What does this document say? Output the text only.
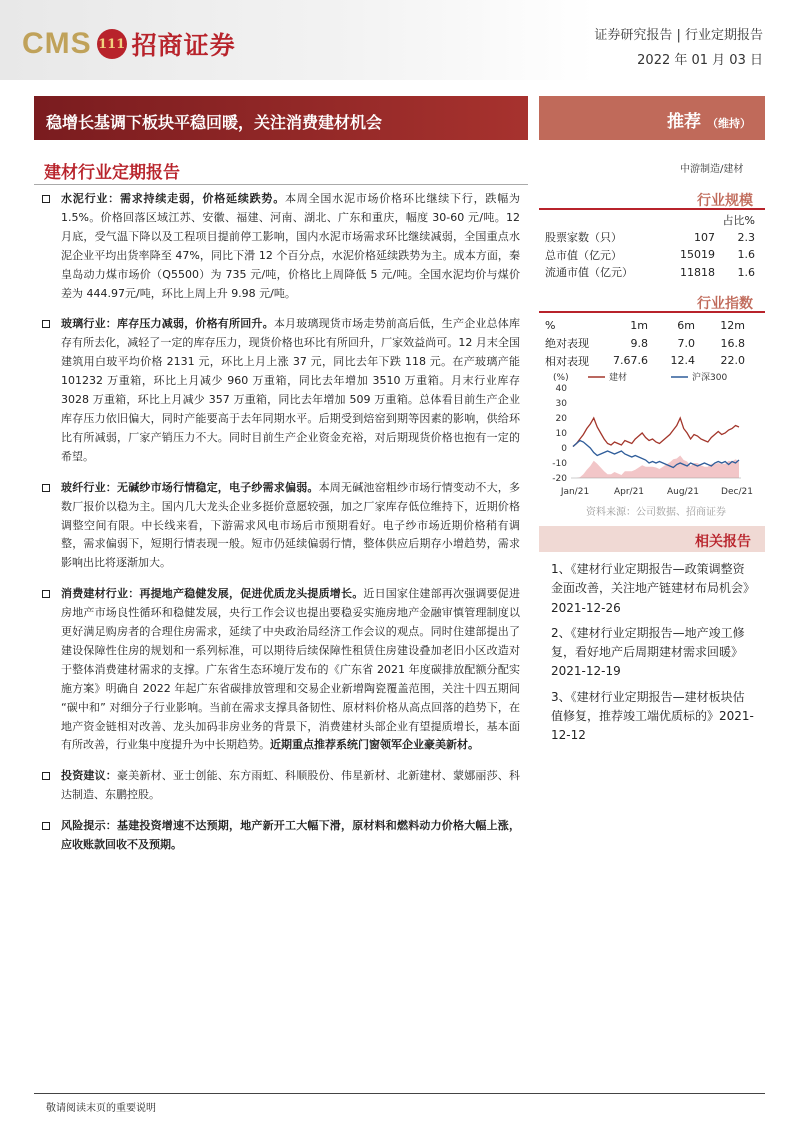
CMS 111 招商证券	证券研究报告 | 行业定期报告
2022 年 01 月 03 日
稳增长基调下板块平稳回暖，关注消费建材机会	推荐 （维持）
建材行业定期报告
水泥行业：需求持续走弱，价格延续跌势。本周全国水泥市场价格环比继续下行，跌幅为 1.5%。价格回落区域江苏、安徽、福建、河南、湖北、广东和重庆，幅度 30-60 元/吨。12 月底，受气温下降以及工程项目提前停工影响，国内水泥市场需求环比继续减弱，全国重点水泥企业平均出货率降至 47%，同比下滑 12 个百分点，水泥价格延续跌势为主。成本方面，秦皇岛动力煤市场价（Q5500）为 735 元/吨，价格比上周降低 5 元/吨。全国水泥均价与煤价差为 444.97元/吨，环比上周上升 9.98 元/吨。
玻璃行业：库存压力减弱，价格有所回升。本月玻璃现货市场走势前高后低，生产企业总体库存有所去化，减轻了一定的库存压力，现货价格也环比有所回升，厂家效益尚可。12 月末全国建筑用白玻平均价格 2131 元，环比上月上涨 37 元，同比去年下跌 118 元。在产玻璃产能 101232 万重箱，环比上月减少 960 万重箱，同比去年增加 3510 万重箱。月末行业库存 3028 万重箱，环比上月减少 357 万重箱，同比去年增加 509 万重箱。总体看目前生产企业库存压力依旧偏大，同时产能要高于去年同期水平。后期受到焙窑到期等因素的影响，供给环比有所减弱，厂家产销压力不大。同时目前生产企业资金充裕，对后期现货价格也抱有一定的希望。
玻纤行业：无碱纱市场行情稳定，电子纱需求偏弱。本周无碱池窑粗纱市场行情变动不大，多数厂报价以稳为主。国内几大龙头企业多挺价意愿较强，加之厂家库存低位维持下，近期价格调整空间有限。中长线来看，下游需求风电市场后市预期看好。电子纱市场近期价格稍有调整，需求偏弱下，短期行情表现一般。短市仍延续偏弱行情，整体供应后期存小增趋势，需求影响出比将逐渐加大。
消费建材行业：再提地产稳健发展，促进优质龙头提质增长。近日国家住建部再次强调要促进房地产市场良性循环和稳健发展，央行工作会议也提出要稳妥实施房地产金融审慎管理制度以更好满足购房者的合理住房需求，延续了中央政治局经济工作会议的观点。同时住建部提出了建设保障性住房的规划和一系列标准，可以期待后续保障性租赁住房建设叠加老旧小区改造对于整体消费建材需求的支撑。广东省生态环境厅发布的《广东省 2021 年度碳排放配额分配实施方案》明确自 2022 年起广东省碳排放管理和交易企业新增陶瓷覆盖范围，关注十四五期间 “碳中和” 对细分子行业影响。当前在需求支撑具备韧性、原材料价格从高点回落的趋势下，在地产资金链相对改善、龙头加码非房业务的背景下，消费建材头部企业有望提质增长，基本面有所改善，行业集中度提升为中长期趋势。近期重点推荐系统门窗领军企业豪美新材。
投资建议：豪美新材、亚士创能、东方雨虹、科顺股份、伟星新材、北新建材、蒙娜丽莎、科达制造、东鹏控股。
风险提示：基建投资增速不达预期，地产新开工大幅下滑，原材料和燃料动力价格大幅上涨，应收账款回收不及预期。
中游制造/建材
行业规模
占比%
股票家数（只）	107	2.3
总市值（亿元）	15019	1.6
流通市值（亿元）	11818	1.6
行业指数
%	1m	6m	12m
绝对表现	9.8	7.0	16.8
相对表现	7.67.6	12.4	22.0
(%)	建材	沪深300
40
30
20
10
0
-10
-20
Jan/21	Apr/21	Aug/21 Dec/21
资料来源：公司数据、招商证券
相关报告
1、《建材行业定期报告—政策调整资金面改善，关注地产链建材布局机会》2021-12-26
2、《建材行业定期报告—地产竣工修复，看好地产后周期建材需求回暖》2021-12-19
3、《建材行业定期报告—建材板块估值修复，推荐竣工端优质标的》2021-12-12
敬请阅读末页的重要说明
